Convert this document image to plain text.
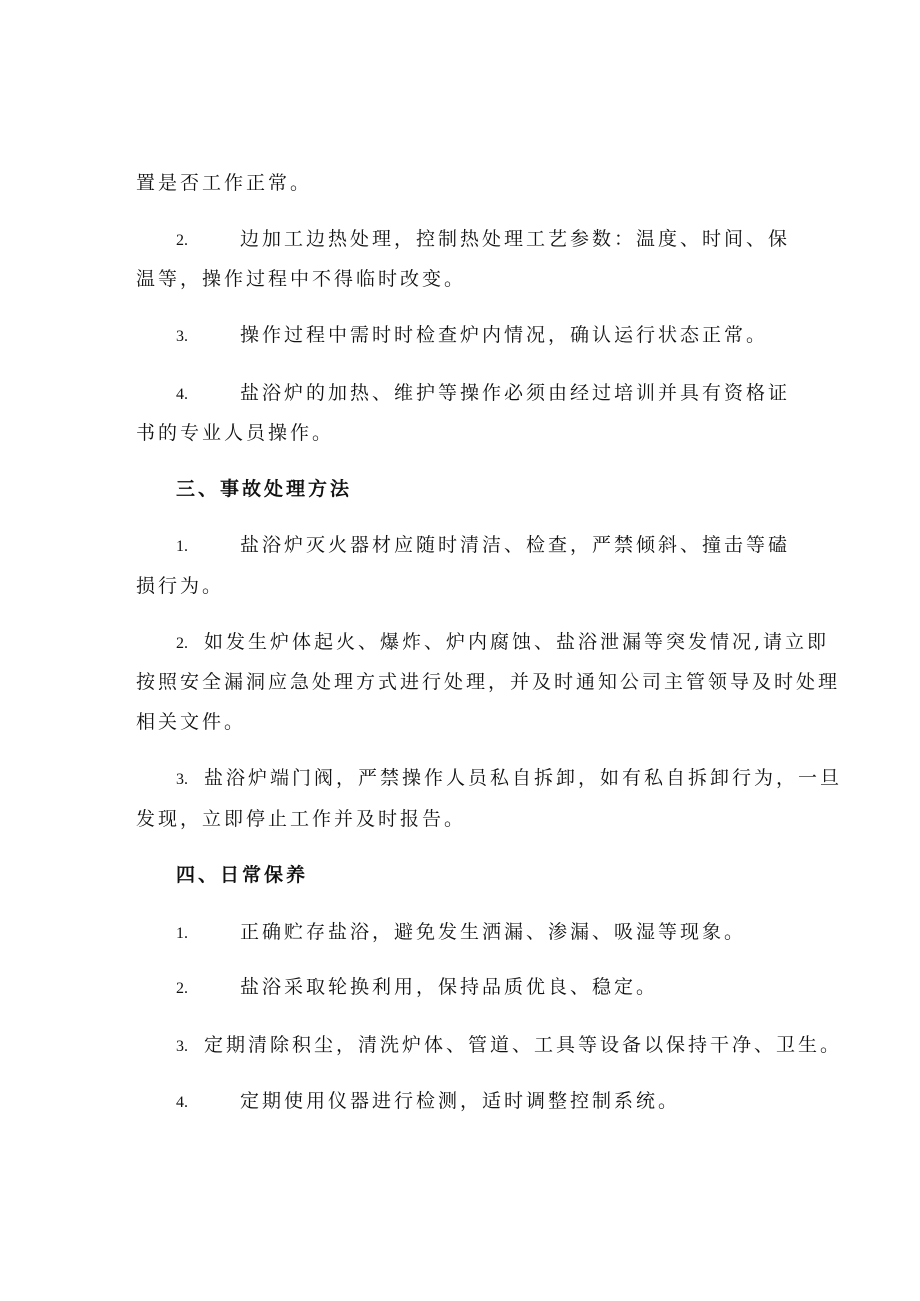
置是否工作正常。
2.	边加工边热处理，控制热处理工艺参数：温度、时间、保
温等，操作过程中不得临时改变。
3.	操作过程中需时时检查炉内情况，确认运行状态正常。
4.	盐浴炉的加热、维护等操作必须由经过培训并具有资格证
书的专业人员操作。
三、事故处理方法
1.	盐浴炉灭火器材应随时清洁、检查，严禁倾斜、撞击等磕
损行为。
2. 如发生炉体起火、爆炸、炉内腐蚀、盐浴泄漏等突发情况,请立即
按照安全漏洞应急处理方式进行处理，并及时通知公司主管领导及时处理
相关文件。
3. 盐浴炉端门阀，严禁操作人员私自拆卸，如有私自拆卸行为，一旦
发现，立即停止工作并及时报告。
四、日常保养
1.	正确贮存盐浴，避免发生洒漏、渗漏、吸湿等现象。
2.	盐浴采取轮换利用，保持品质优良、稳定。
3. 定期清除积尘，清洗炉体、管道、工具等设备以保持干净、卫生。
4.	定期使用仪器进行检测，适时调整控制系统。
